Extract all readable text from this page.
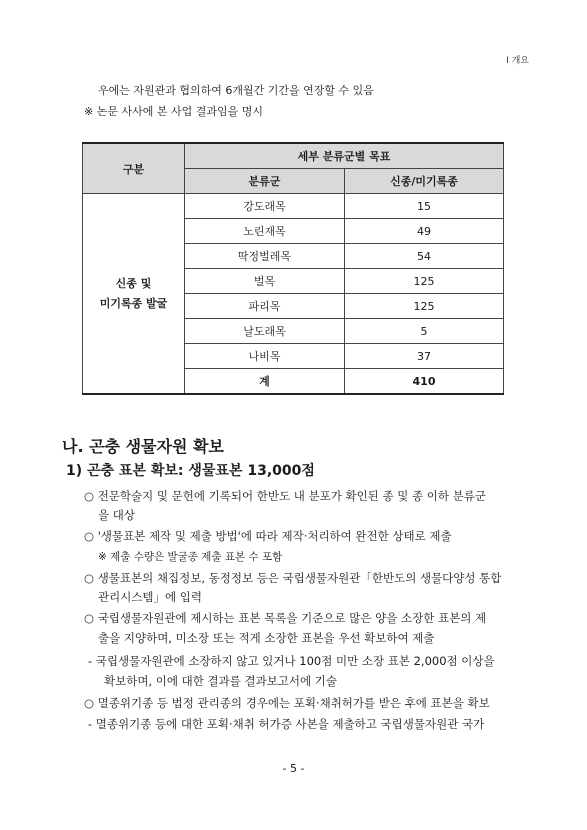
Ⅰ 개요
우에는 자원관과 협의하여 6개월간 기간을 연장할 수 있음
※ 논문 사사에 본 사업 결과임을 명시
구분	세부 분류군별 목표	
	분류군	신종/미기록종

신종 및
미기록종 발굴	강도래목	15
	노린재목	49
	딱정벌레목	54
	벌목	125
	파리목	125
	날도래목	5
	나비목	37
	계	410
나. 곤충 생물자원 확보
1) 곤충 표본 확보: 생물표본 13,000점
○ 전문학술지 및 문헌에 기록되어 한반도 내 분포가 확인된 종 및 종 이하 분류군
을 대상
○ '생물표본 제작 및 제출 방법'에 따라 제작·처리하여 완전한 상태로 제출
※ 제출 수량은 발굴종 제출 표본 수 포함
○ 생물표본의 채집정보, 동정정보 등은 국립생물자원관「한반도의 생물다양성 통합
관리시스템」에 입력
○ 국립생물자원관에 제시하는 표본 목록을 기준으로 많은 양을 소장한 표본의 제
출을 지양하며, 미소장 또는 적게 소장한 표본을 우선 확보하여 제출
- 국립생물자원관에 소장하지 않고 있거나 100점 미만 소장 표본 2,000점 이상을
확보하며, 이에 대한 결과를 결과보고서에 기술
○ 멸종위기종 등 법정 관리종의 경우에는 포획·채취허가를 받은 후에 표본을 확보
- 멸종위기종 등에 대한 포획·채취 허가증 사본을 제출하고 국립생물자원관 국가
- 5 -
